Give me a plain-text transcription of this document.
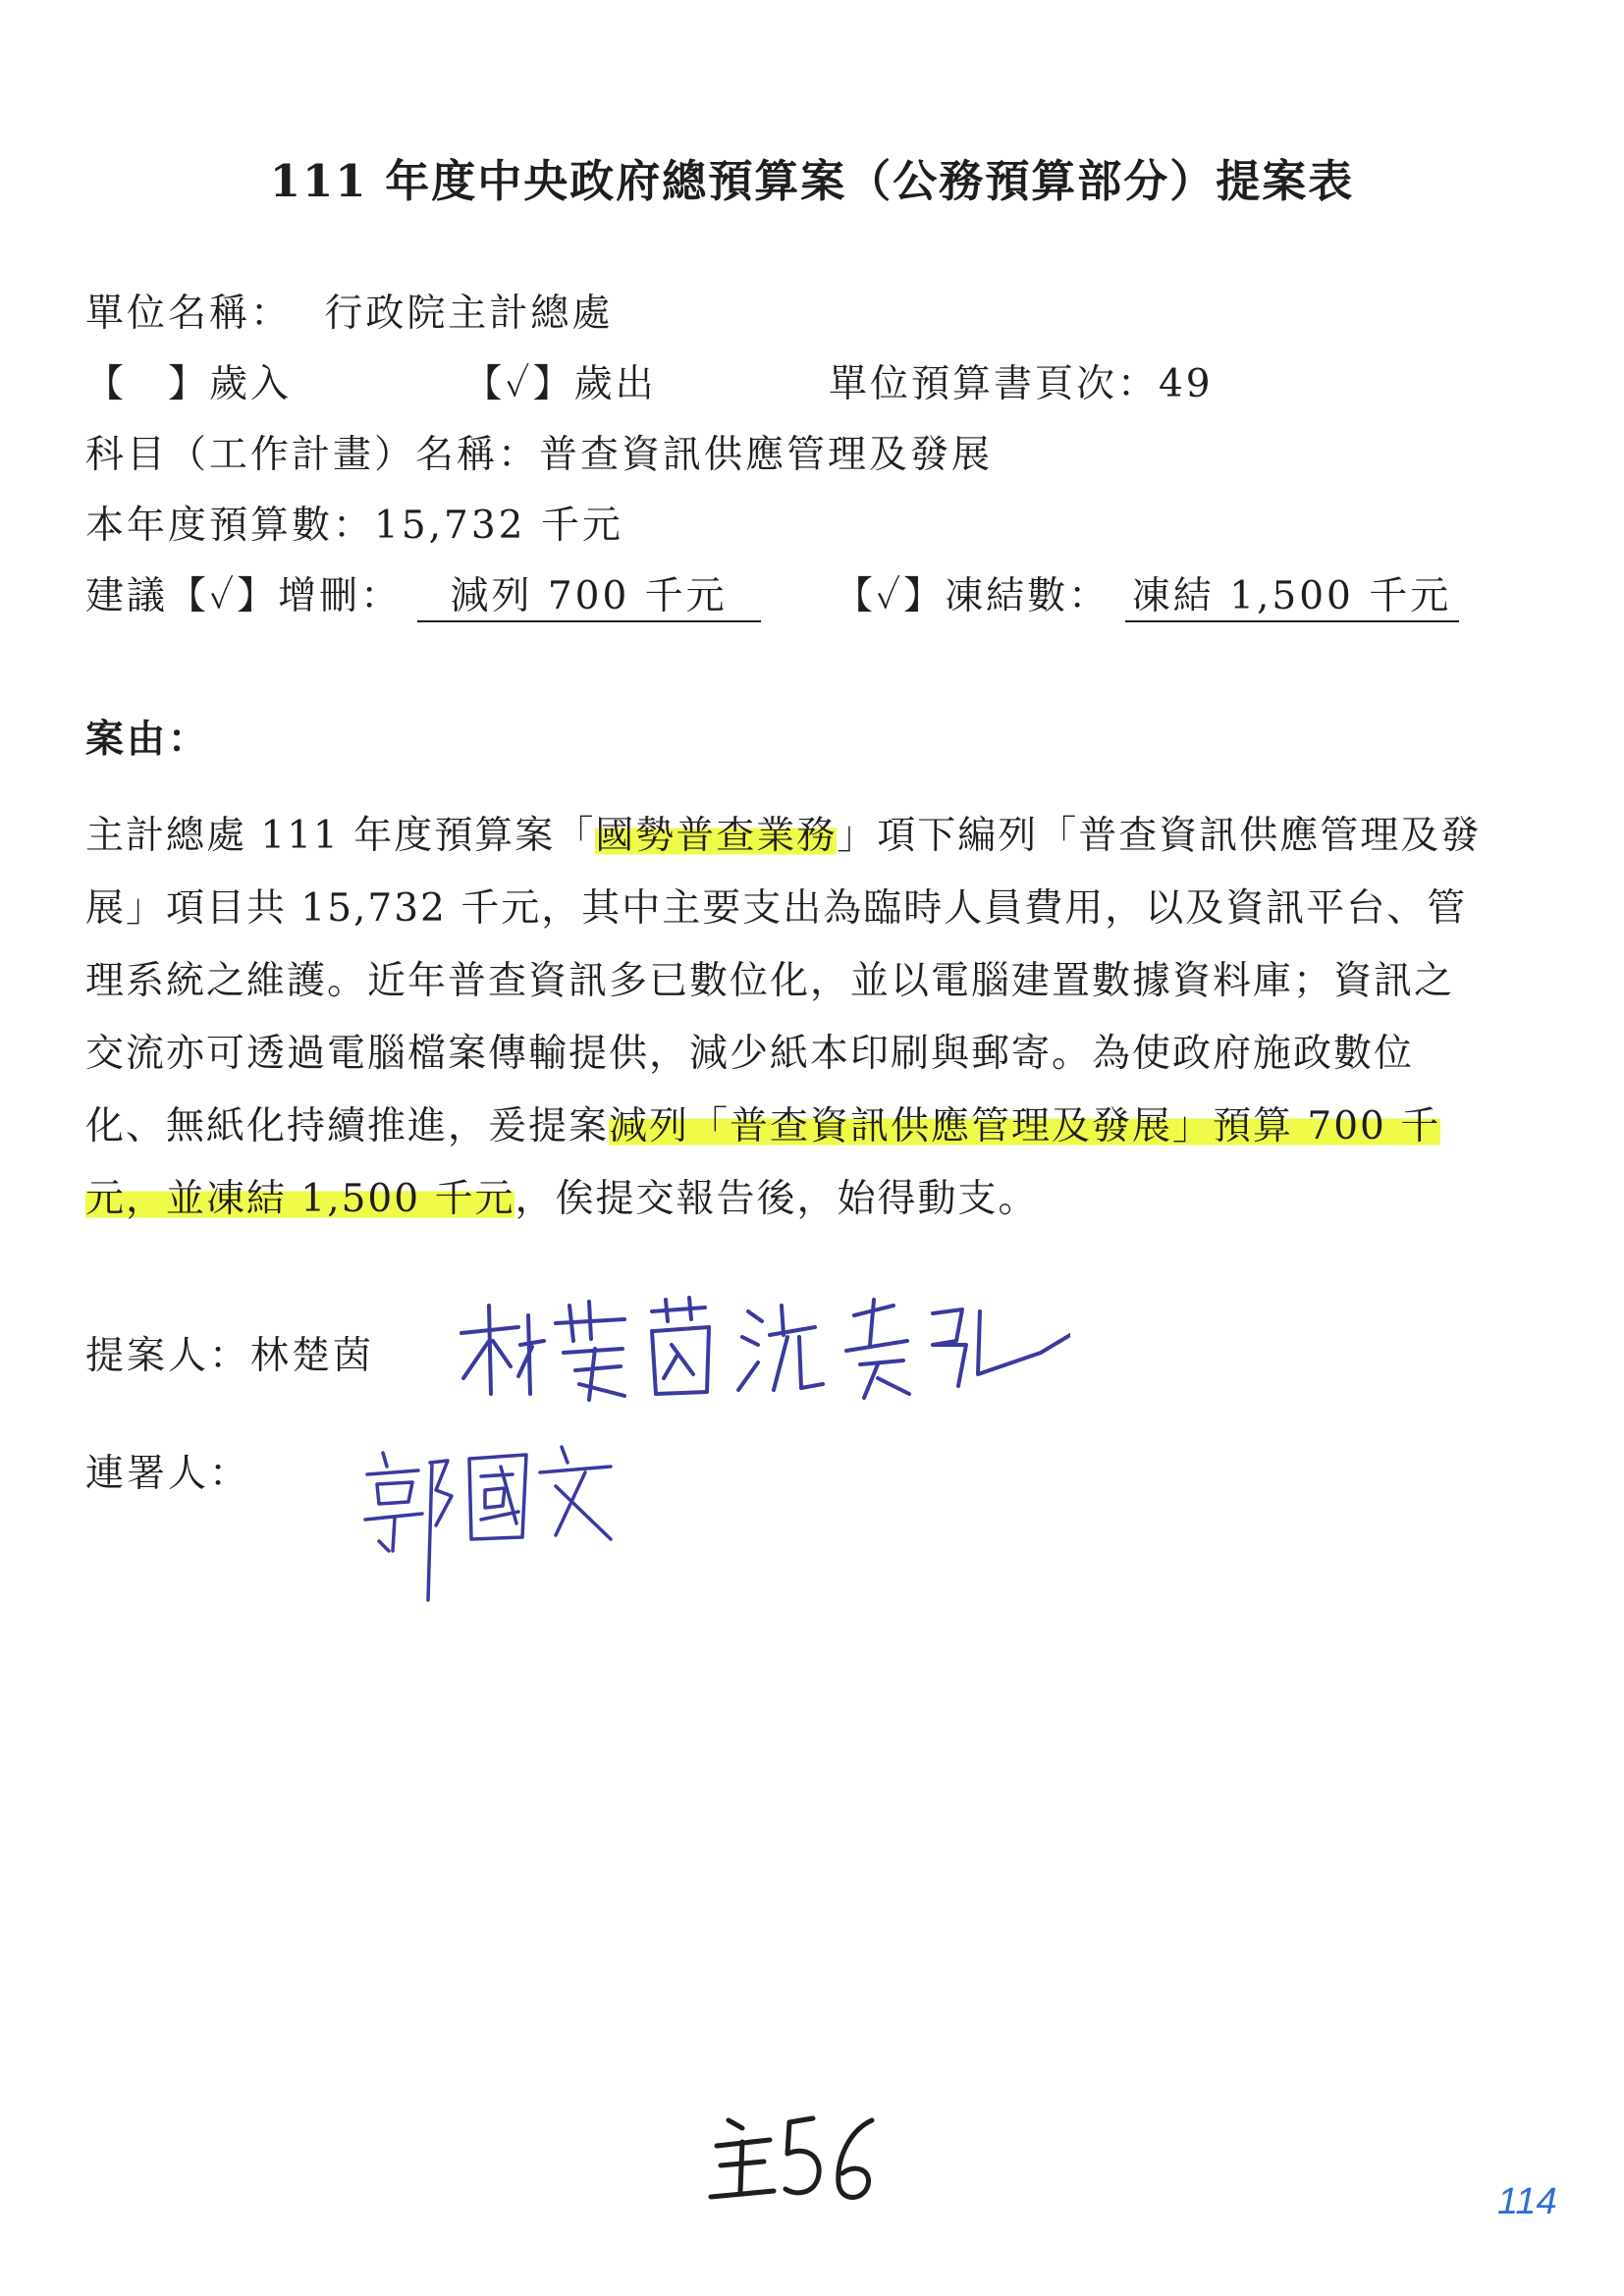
111 年度中央政府總預算案（公務預算部分）提案表
單位名稱： 行政院主計總處
【　】歲入	【✓】歲出	單位預算書頁次：49
科目（工作計畫）名稱：普查資訊供應管理及發展
本年度預算數：15,732 千元
建議【✓】增刪： 減列 700 千元	【✓】凍結數： 凍結 1,500 千元
案由：
主計總處 111 年度預算案「國勢普查業務」項下編列「普查資訊供應管理及發
展」項目共 15,732 千元，其中主要支出為臨時人員費用，以及資訊平台、管
理系統之維護。近年普查資訊多已數位化，並以電腦建置數據資料庫；資訊之
交流亦可透過電腦檔案傳輸提供，減少紙本印刷與郵寄。為使政府施政數位
化、無紙化持續推進，爰提案減列「普查資訊供應管理及發展」預算 700 千
元，並凍結 1,500 千元，俟提交報告後，始得動支。
提案人：林楚茵
連署人：
114
